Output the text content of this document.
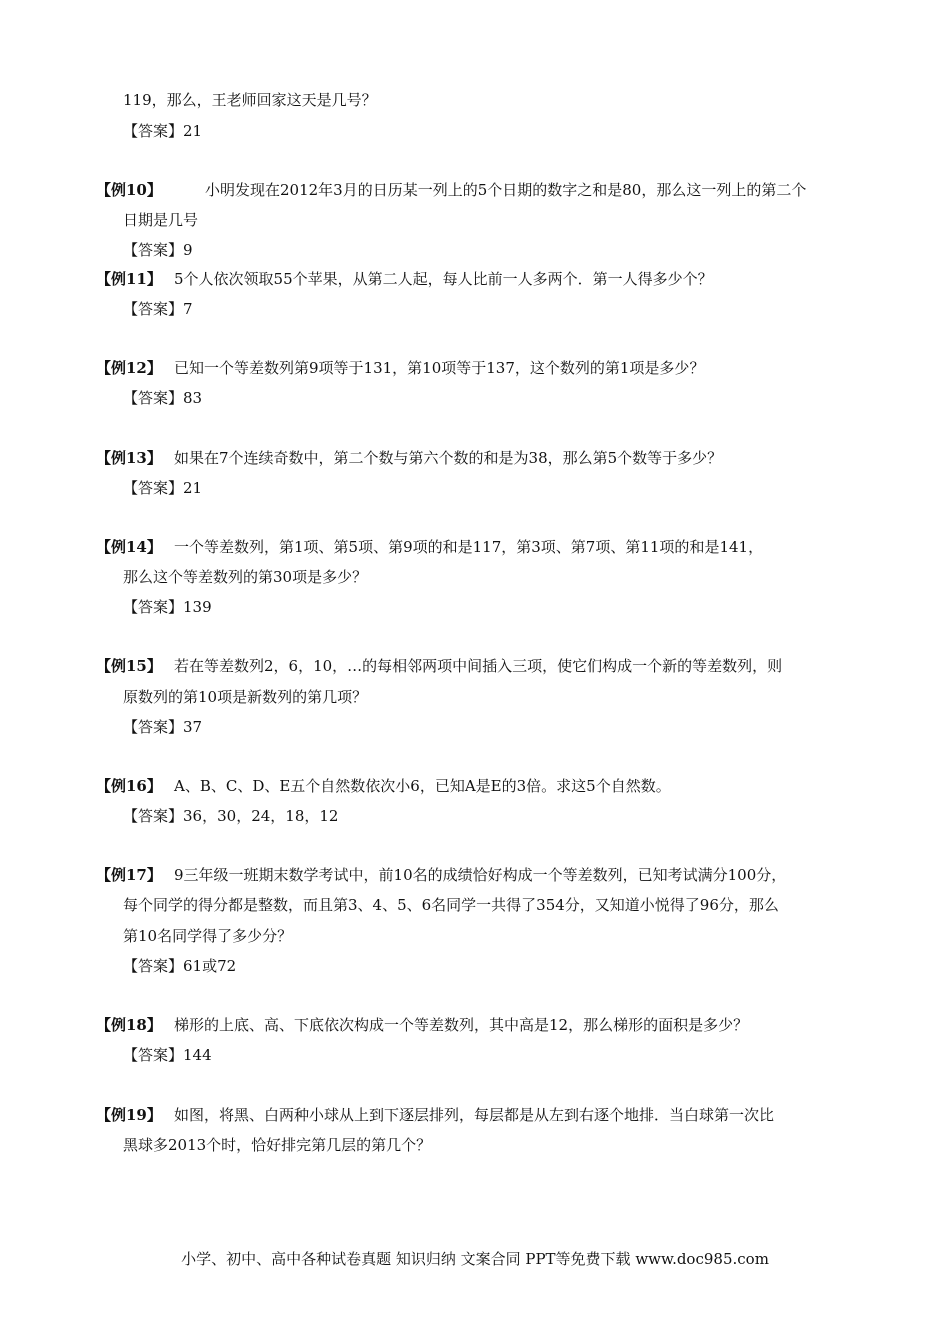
119，那么，王老师回家这天是几号？
【答案】21
【例10】	小明发现在2012年3月的日历某一列上的5个日期的数字之和是80，那么这一列上的第二个
日期是几号
【答案】9
【例11】 5个人依次领取55个苹果，从第二人起，每人比前一人多两个．第一人得多少个？
【答案】7
【例12】 已知一个等差数列第9项等于131，第10项等于137，这个数列的第1项是多少？
【答案】83
【例13】 如果在7个连续奇数中，第二个数与第六个数的和是为38，那么第5个数等于多少？
【答案】21
【例14】 一个等差数列，第1项、第5项、第9项的和是117，第3项、第7项、第11项的和是141，
那么这个等差数列的第30项是多少？
【答案】139
【例15】 若在等差数列2，6，10，…的每相邻两项中间插入三项，使它们构成一个新的等差数列，则
原数列的第10项是新数列的第几项？
【答案】37
【例16】 A、B、C、D、E五个自然数依次小6，已知A是E的3倍。求这5个自然数。
【答案】36，30，24，18，12
【例17】 9三年级一班期末数学考试中，前10名的成绩恰好构成一个等差数列，已知考试满分100分，
每个同学的得分都是整数，而且第3、4、5、6名同学一共得了354分，又知道小悦得了96分，那么
第10名同学得了多少分？
【答案】61或72
【例18】 梯形的上底、高、下底依次构成一个等差数列，其中高是12，那么梯形的面积是多少？
【答案】144
【例19】 如图，将黑、白两种小球从上到下逐层排列，每层都是从左到右逐个地排．当白球第一次比
黑球多2013个时，恰好排完第几层的第几个？
小学、初中、高中各种试卷真题 知识归纳 文案合同 PPT等免费下载 www.doc985.com
